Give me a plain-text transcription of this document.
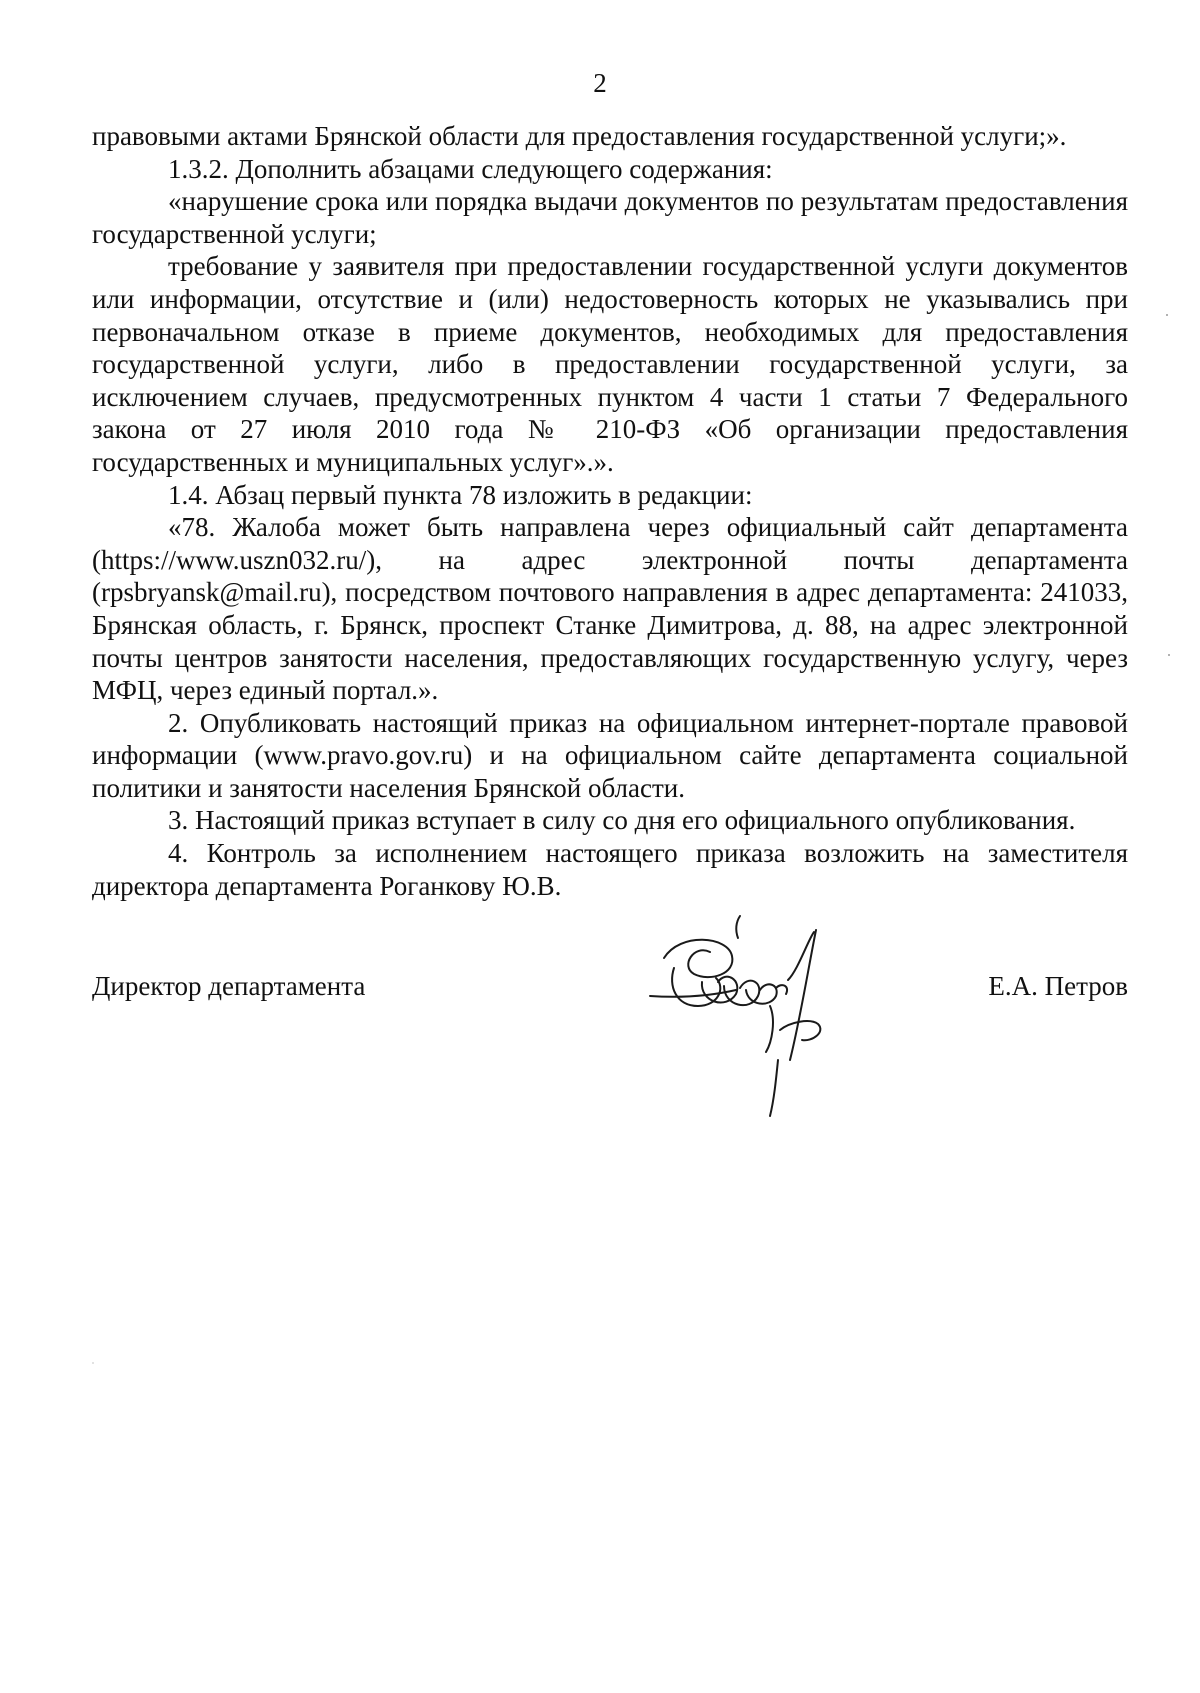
2

правовыми актами Брянской области для предоставления государственной услуги;».

1.3.2. Дополнить абзацами следующего содержания:

«нарушение срока или порядка выдачи документов по результатам предоставления государственной услуги;

требование у заявителя при предоставлении государственной услуги документов или информации, отсутствие и (или) недостоверность которых не указывались при первоначальном отказе в приеме документов, необходимых для предоставления государственной услуги, либо в предоставлении государственной услуги, за исключением случаев, предусмотренных пунктом 4 части 1 статьи 7 Федерального закона от 27 июля 2010 года № 210-ФЗ «Об организации предоставления государственных и муниципальных услуг».».

1.4. Абзац первый пункта 78 изложить в редакции:

«78. Жалоба может быть направлена через официальный сайт департамента (https://www.uszn032.ru/), на адрес электронной почты департамента (rpsbryansk@mail.ru), посредством почтового направления в адрес департамента: 241033, Брянская область, г. Брянск, проспект Станке Димитрова, д. 88, на адрес электронной почты центров занятости населения, предоставляющих государственную услугу, через МФЦ, через единый портал.».

2. Опубликовать настоящий приказ на официальном интернет-портале правовой информации (www.pravo.gov.ru) и на официальном сайте департамента социальной политики и занятости населения Брянской области.

3. Настоящий приказ вступает в силу со дня его официального опубликования.

4. Контроль за исполнением настоящего приказа возложить на заместителя директора департамента Роганкову Ю.В.

Директор департамента	Е.А. Петров
